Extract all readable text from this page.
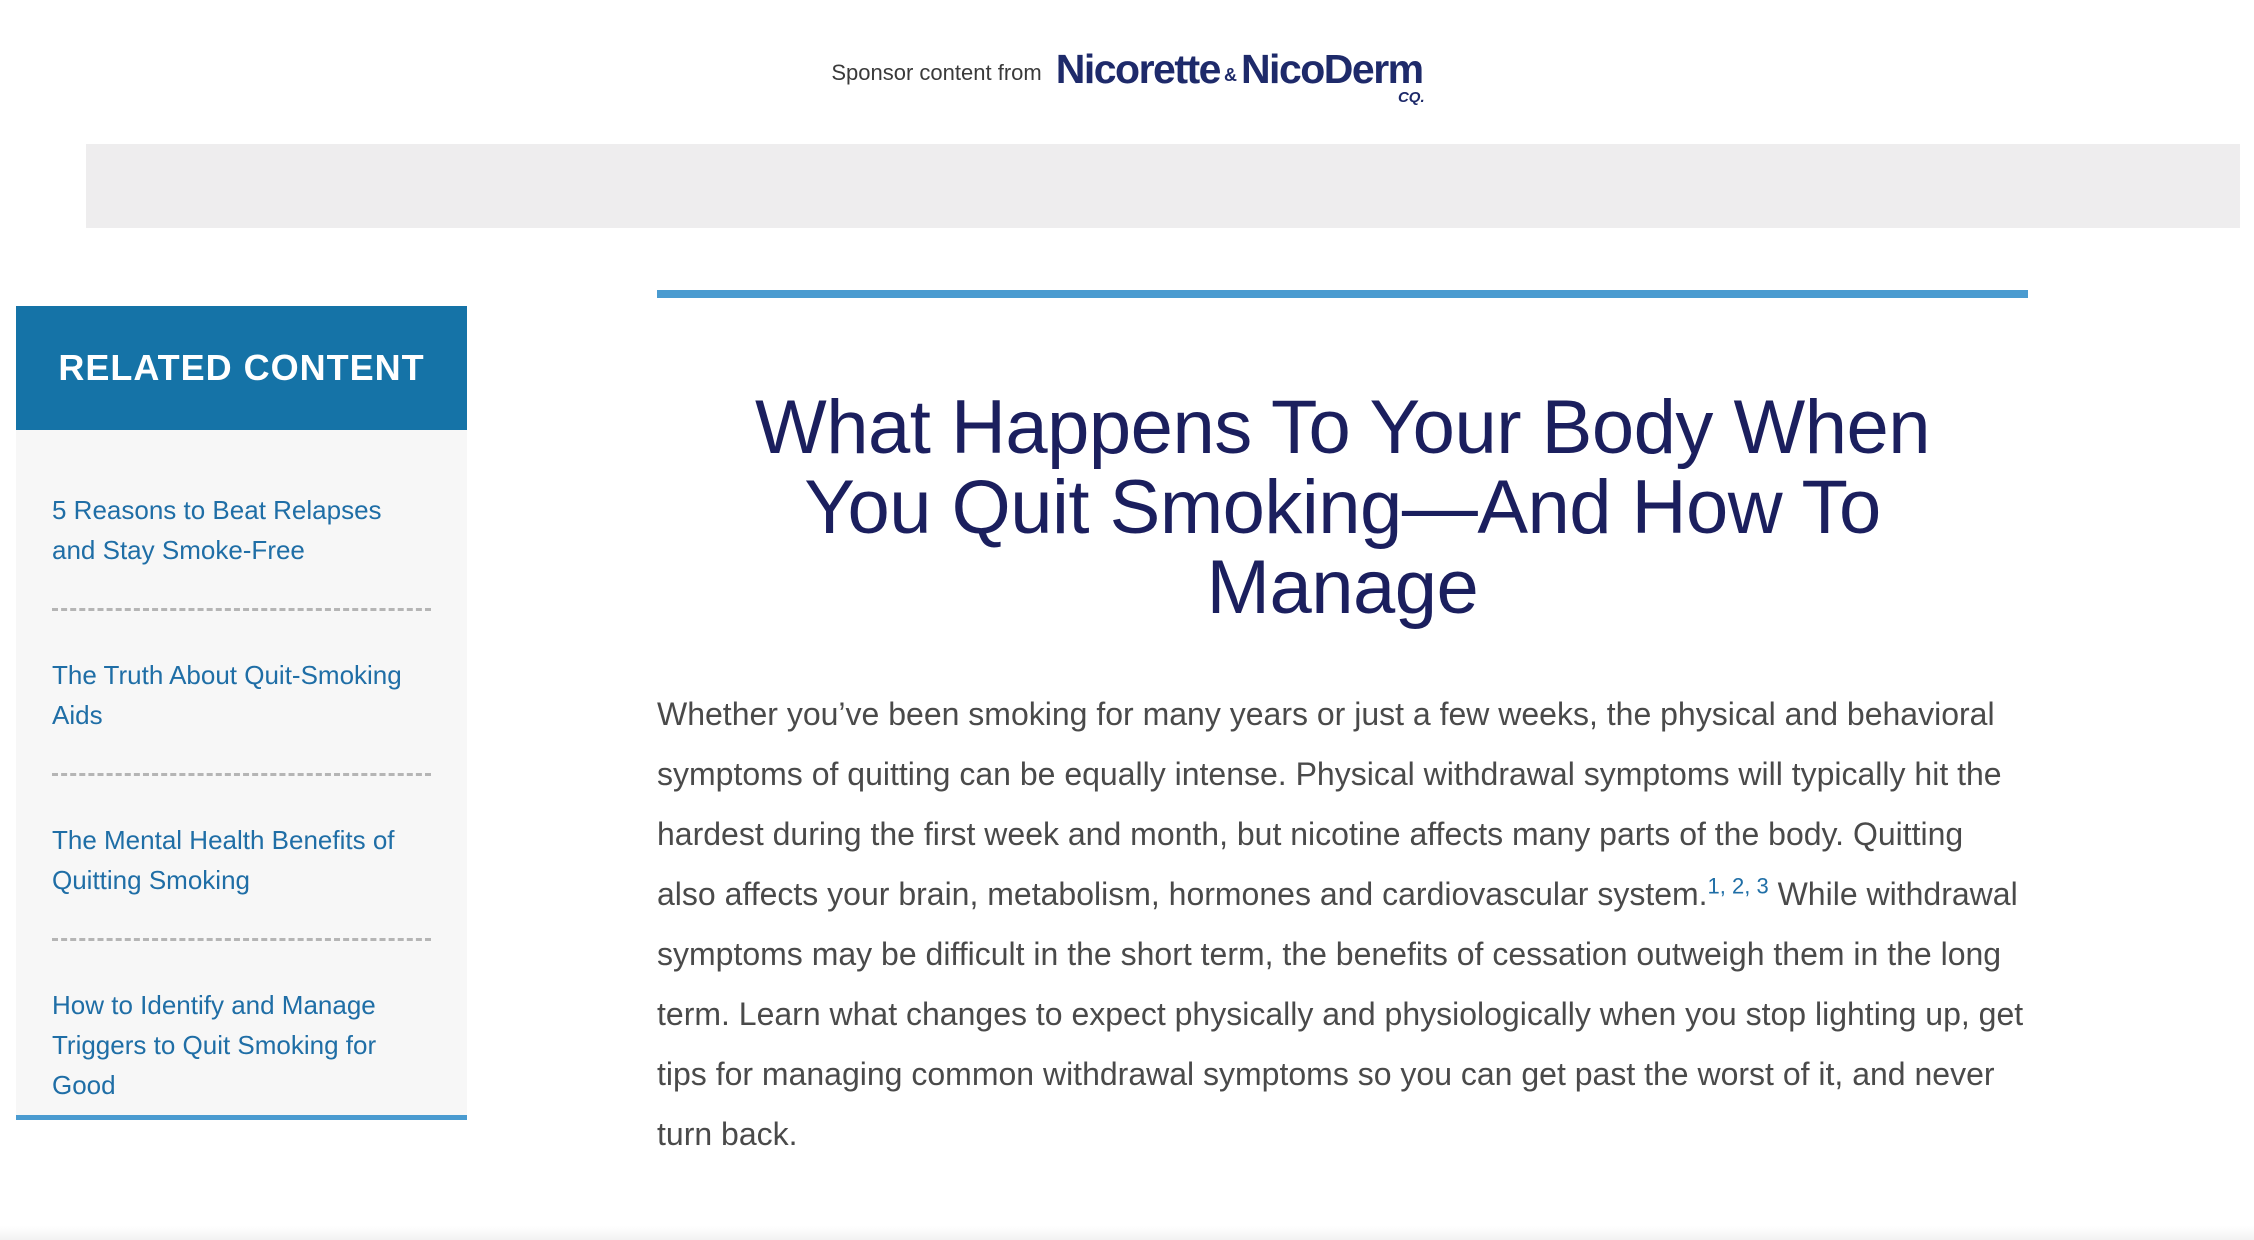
Sponsor content from Nicorette & NicoDerm
CQ.
RELATED CONTENT
5 Reasons to Beat Relapses and Stay Smoke-Free
The Truth About Quit-Smoking Aids
The Mental Health Benefits of Quitting Smoking
How to Identify and Manage Triggers to Quit Smoking for Good
What Happens To Your Body When You Quit Smoking—And How To Manage

Whether you’ve been smoking for many years or just a few weeks, the physical and behavioral symptoms of quitting can be equally intense. Physical withdrawal symptoms will typically hit the hardest during the first week and month, but nicotine affects many parts of the body. Quitting also affects your brain, metabolism, hormones and cardiovascular system.$^{1, 2, 3}$ While withdrawal symptoms may be difficult in the short term, the benefits of cessation outweigh them in the long term. Learn what changes to expect physically and physiologically when you stop lighting up, get tips for managing common withdrawal symptoms so you can get past the worst of it, and never turn back.
